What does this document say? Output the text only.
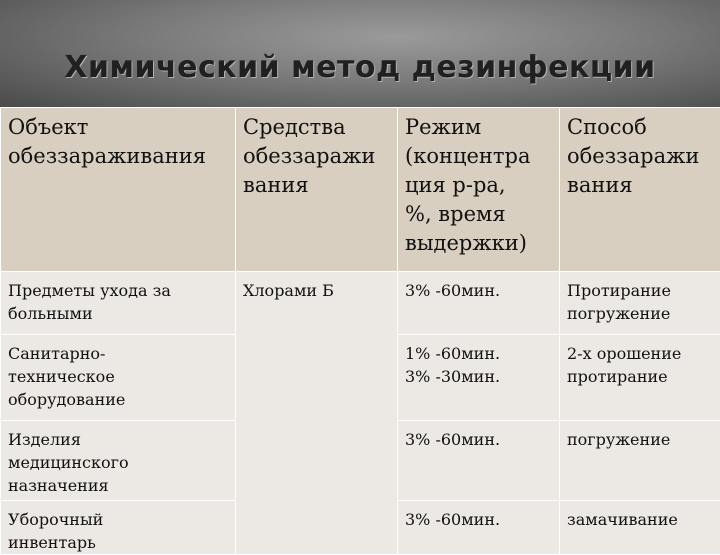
Химический метод дезинфекции
Объект
обеззараживания	Средства
обеззаражи
вания	Режим
(концентра
ция р-ра,
%, время
выдержки)	Способ
обеззаражи
вания

Предметы ухода за
больными	Хлорами Б	3% -60мин.	Протирание
погружение

Санитарно-
техническое
оборудование		1% -60мин.
3% -30мин.	2-х орошение
протирание

Изделия
медицинского
назначения		3% -60мин.	погружение

Уборочный
инвентарь		3% -60мин.	замачивание
